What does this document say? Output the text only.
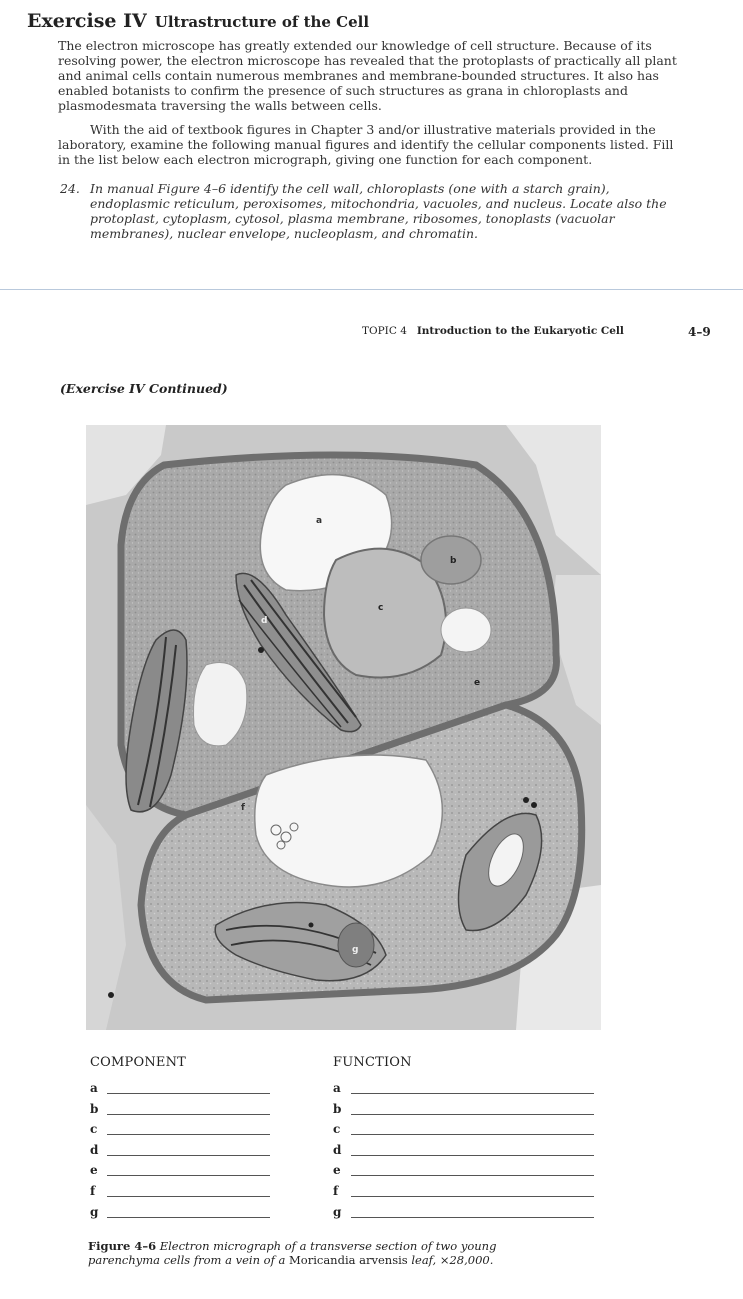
Exercise IV Ultrastructure of the Cell

The electron microscope has greatly extended our knowledge of cell structure. Because of its resolving power, the electron microscope has revealed that the protoplasts of practically all plant and animal cells contain numerous membranes and membrane-bounded structures. It also has enabled botanists to confirm the presence of such structures as grana in chloroplasts and plasmodesmata traversing the walls between cells.

With the aid of textbook figures in Chapter 3 and/or illustrative materials provided in the laboratory, examine the following manual figures and identify the cellular components listed. Fill in the list below each electron micrograph, giving one function for each component.

24. In manual Figure 4–6 identify the cell wall, chloroplasts (one with a starch grain), endoplasmic reticulum, peroxisomes, mitochondria, vacuoles, and nucleus. Locate also the protoplast, cytoplasm, cytosol, plasma membrane, ribosomes, tonoplasts (vacuolar membranes), nuclear envelope, nucleoplasm, and chromatin.
TOPIC 4 Introduction to the Eukaryotic Cell	4–9
(Exercise IV Continued)
a
b
c
d
e
f
g
COMPONENT	FUNCTION
a
b
c
d
e
f
g
a
b
c
d
e
f
g
Figure 4–6 Electron micrograph of a transverse section of two young parenchyma cells from a vein of a Moricandia arvensis leaf, ×28,000.
